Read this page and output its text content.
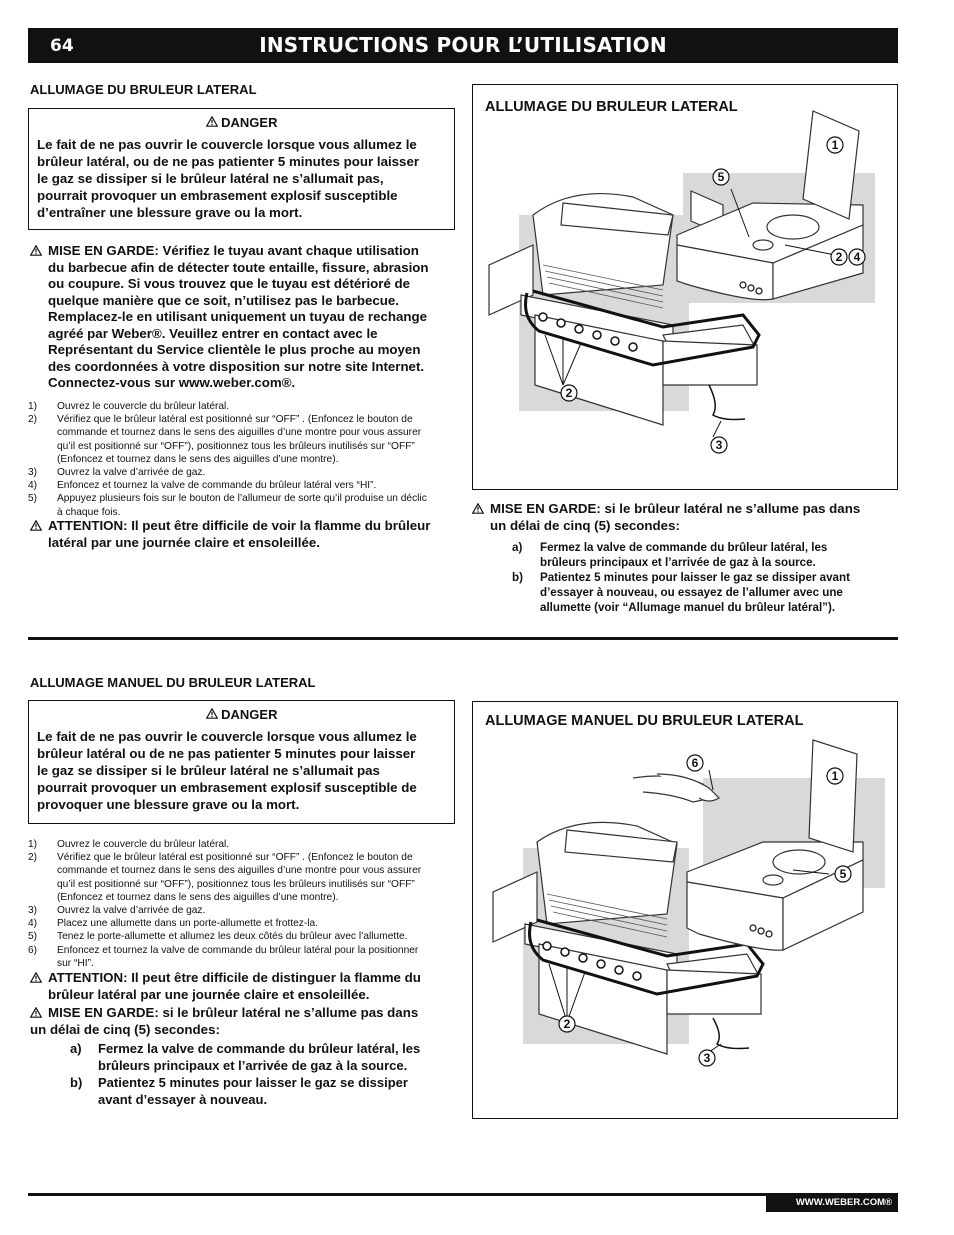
64	INSTRUCTIONS POUR L’UTILISATION
ALLUMAGE DU BRULEUR LATERAL
DANGER
Le fait de ne pas ouvrir le couvercle lorsque vous allumez le
brûleur latéral, ou de ne pas patienter 5 minutes pour laisser
le gaz se dissiper si le brûleur latéral ne s’allumait pas,
pourrait provoquer un embrasement explosif susceptible
d’entraîner une blessure grave ou la mort.
MISE EN GARDE: Vérifiez le tuyau avant chaque utilisation
du barbecue afin de détecter toute entaille, fissure, abrasion
ou coupure. Si vous trouvez que le tuyau est détérioré de
quelque manière que ce soit, n’utilisez pas le barbecue.
Remplacez-le en utilisant uniquement un tuyau de rechange
agréé par Weber®. Veuillez entrer en contact avec le
Représentant du Service clientèle le plus proche au moyen
des coordonnées à votre disposition sur notre site Internet.
Connectez-vous sur www.weber.com®.
1)	Ouvrez le couvercle du brûleur latéral.
2)	Vérifiez que le brûleur latéral est positionné sur “OFF” . (Enfoncez le bouton de
commande et tournez dans le sens des aiguilles d’une montre pour vous assurer
qu’il est positionné sur “OFF”), positionnez tous les brûleurs inutilisés sur “OFF”
(Enfoncez et tournez dans le sens des aiguilles d’une montre).
3)	Ouvrez la valve d’arrivée de gaz.
4)	Enfoncez et tournez la valve de commande du brûleur latéral vers “HI”.
5)	Appuyez plusieurs fois sur le bouton de l’allumeur de sorte qu’il produise un déclic
à chaque fois.
ATTENTION: Il peut être difficile de voir la flamme du brûleur
latéral par une journée claire et ensoleillée.
ALLUMAGE DU BRULEUR LATERAL
1
5
2 4
2
3
MISE EN GARDE: si le brûleur latéral ne s’allume pas dans
un délai de cinq (5) secondes:
a)	Fermez la valve de commande du brûleur latéral, les
brûleurs principaux et l’arrivée de gaz à la source.
b)	Patientez 5 minutes pour laisser le gaz se dissiper avant
d’essayer à nouveau, ou essayez de l’allumer avec une
allumette (voir “Allumage manuel du brûleur latéral”).
ALLUMAGE MANUEL DU BRULEUR LATERAL
DANGER
Le fait de ne pas ouvrir le couvercle lorsque vous allumez le
brûleur latéral ou de ne pas patienter 5 minutes pour laisser
le gaz se dissiper si le brûleur latéral ne s’allumait pas
pourrait provoquer un embrasement explosif susceptible de
provoquer une blessure grave ou la mort.
1)	Ouvrez le couvercle du brûleur latéral.
2)	Vérifiez que le brûleur latéral est positionné sur “OFF” . (Enfoncez le bouton de
commande et tournez dans le sens des aiguilles d’une montre pour vous assurer
qu’il est positionné sur “OFF”), positionnez tous les brûleurs inutilisés sur “OFF”
(Enfoncez et tournez dans le sens des aiguilles d’une montre).
3)	Ouvrez la valve d’arrivée de gaz.
4)	Placez une allumette dans un porte-allumette et frottez-la.
5)	Tenez le porte-allumette et allumez les deux côtés du brûleur avec l’allumette.
6)	Enfoncez et tournez la valve de commande du brûleur latéral pour la positionner
sur “HI”.
ATTENTION: Il peut être difficile de distinguer la flamme du
brûleur latéral par une journée claire et ensoleillée.
MISE EN GARDE: si le brûleur latéral ne s’allume pas dans
un délai de cinq (5) secondes:
a)	Fermez la valve de commande du brûleur latéral, les
brûleurs principaux et l’arrivée de gaz à la source.
b)	Patientez 5 minutes pour laisser le gaz se dissiper
avant d’essayer à nouveau.
ALLUMAGE MANUEL DU BRULEUR LATERAL
6
1
5
2
3
WWW.WEBER.COM®
